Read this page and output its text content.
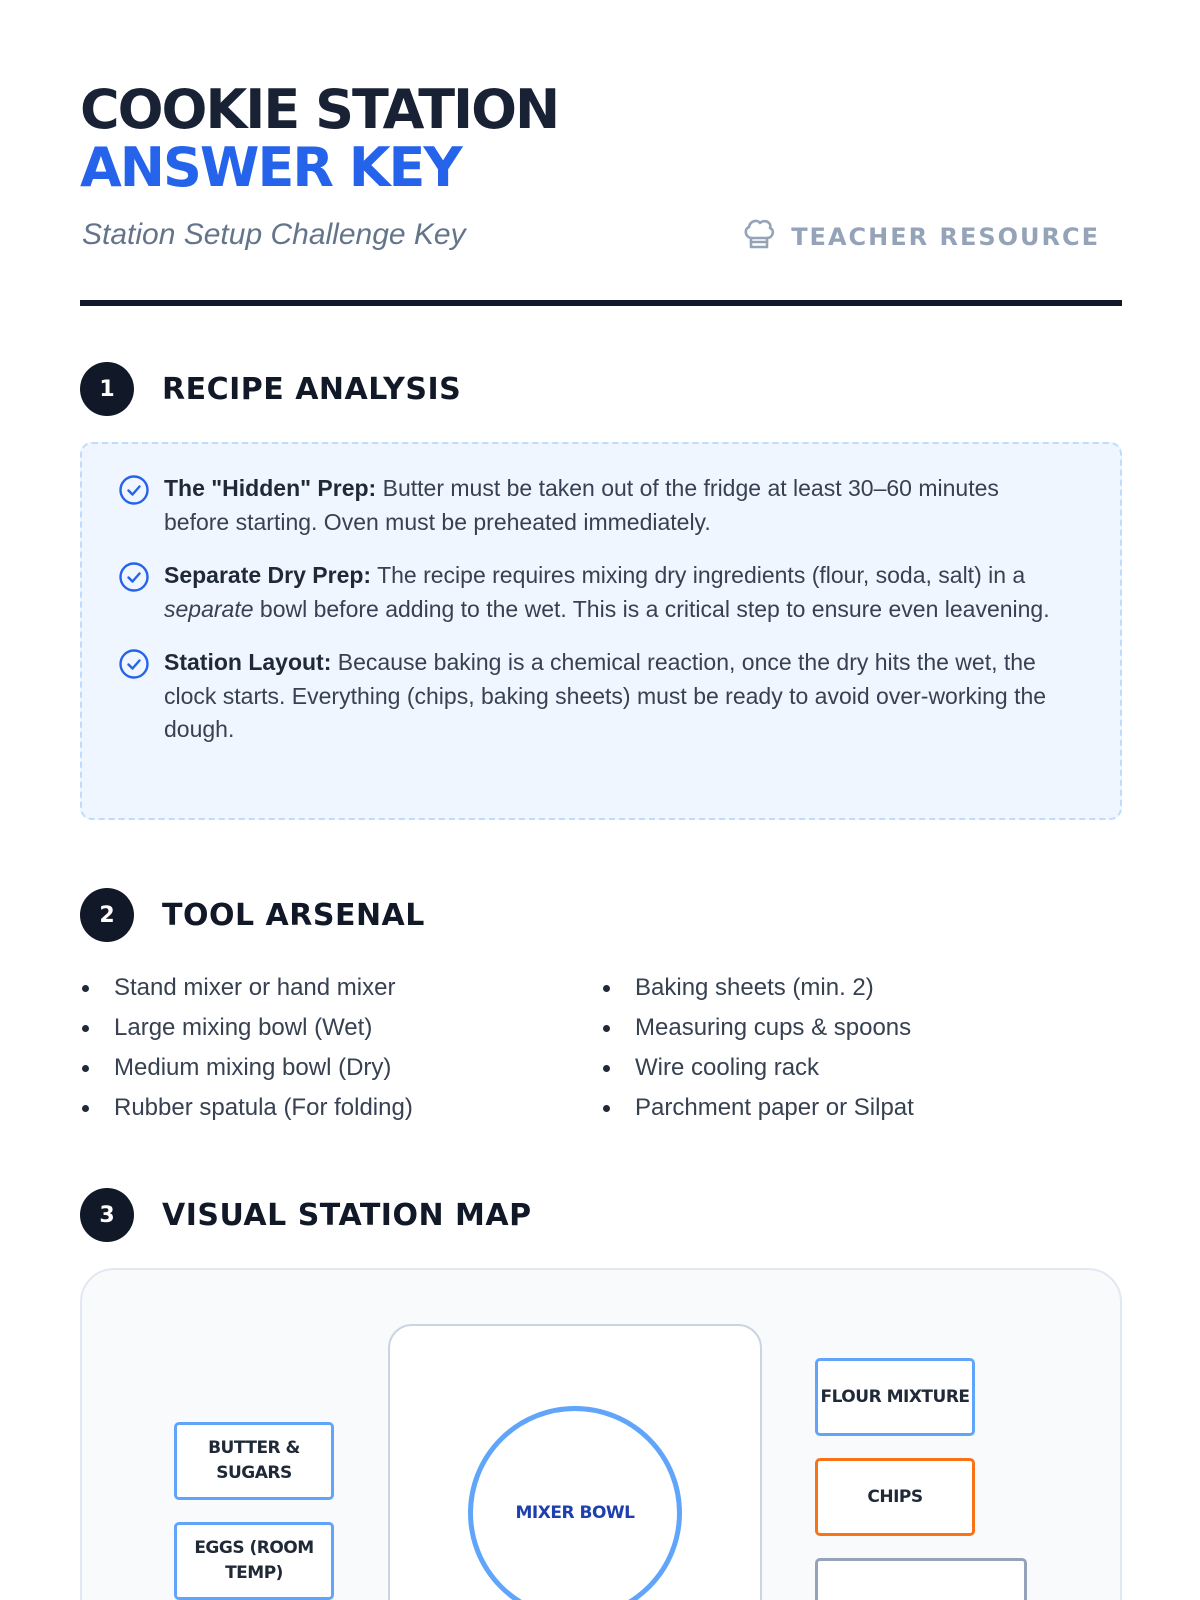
COOKIE STATION
ANSWER KEY
Station Setup Challenge Key	TEACHER RESOURCE
1	RECIPE ANALYSIS
The "Hidden" Prep: Butter must be taken out of the fridge at least 30–60 minutes before starting. Oven must be preheated immediately.
Separate Dry Prep: The recipe requires mixing dry ingredients (flour, soda, salt) in a separate bowl before adding to the wet. This is a critical step to ensure even leavening.
Station Layout: Because baking is a chemical reaction, once the dry hits the wet, the clock starts. Everything (chips, baking sheets) must be ready to avoid over-working the dough.
2	TOOL ARSENAL
Stand mixer or hand mixer
Large mixing bowl (Wet)
Medium mixing bowl (Dry)
Rubber spatula (For folding)
Baking sheets (min. 2)
Measuring cups & spoons
Wire cooling rack
Parchment paper or Silpat
3	VISUAL STATION MAP
MIXER BOWL
BUTTER & SUGARS
EGGS (ROOM TEMP)
FLOUR MIXTURE
CHIPS
